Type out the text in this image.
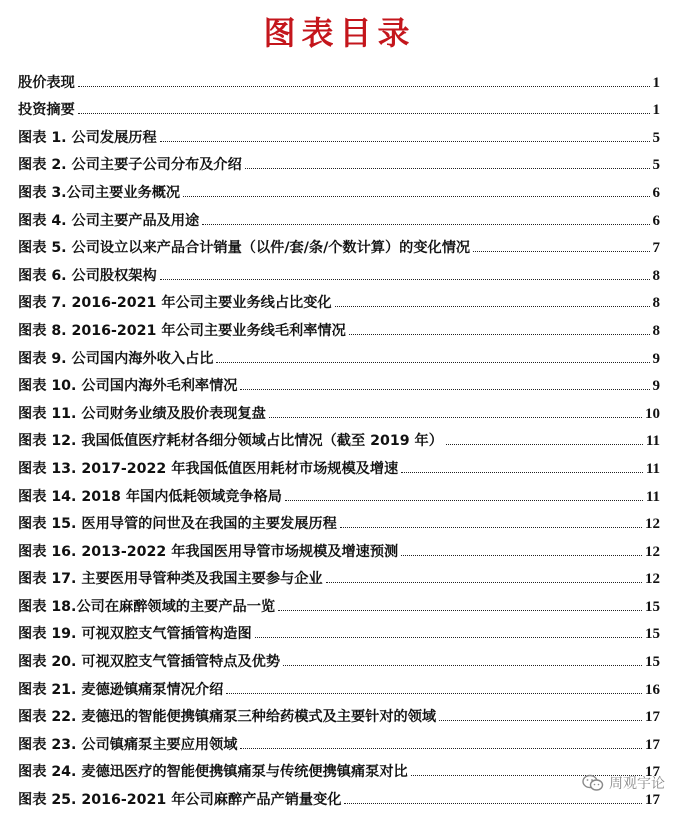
图表目录
股价表现	1
投资摘要	1
图表 1. 公司发展历程	5
图表 2. 公司主要子公司分布及介绍	5
图表 3.公司主要业务概况	6
图表 4. 公司主要产品及用途	6
图表 5. 公司设立以来产品合计销量（以件/套/条/个数计算）的变化情况	7
图表 6. 公司股权架构	8
图表 7. 2016-2021 年公司主要业务线占比变化	8
图表 8. 2016-2021 年公司主要业务线毛利率情况	8
图表 9. 公司国内海外收入占比	9
图表 10. 公司国内海外毛利率情况	9
图表 11. 公司财务业绩及股价表现复盘	10
图表 12. 我国低值医疗耗材各细分领域占比情况（截至 2019 年）	11
图表 13. 2017-2022 年我国低值医用耗材市场规模及增速	11
图表 14. 2018 年国内低耗领域竞争格局	11
图表 15. 医用导管的问世及在我国的主要发展历程	12
图表 16. 2013-2022 年我国医用导管市场规模及增速预测	12
图表 17. 主要医用导管种类及我国主要参与企业	12
图表 18.公司在麻醉领域的主要产品一览	15
图表 19. 可视双腔支气管插管构造图	15
图表 20. 可视双腔支气管插管特点及优势	15
图表 21. 麦德逊镇痛泵情况介绍	16
图表 22. 麦德迅的智能便携镇痛泵三种给药模式及主要针对的领域	17
图表 23. 公司镇痛泵主要应用领域	17
图表 24. 麦德迅医疗的智能便携镇痛泵与传统便携镇痛泵对比	17
图表 25. 2016-2021 年公司麻醉产品产销量变化	17
周观宇论
